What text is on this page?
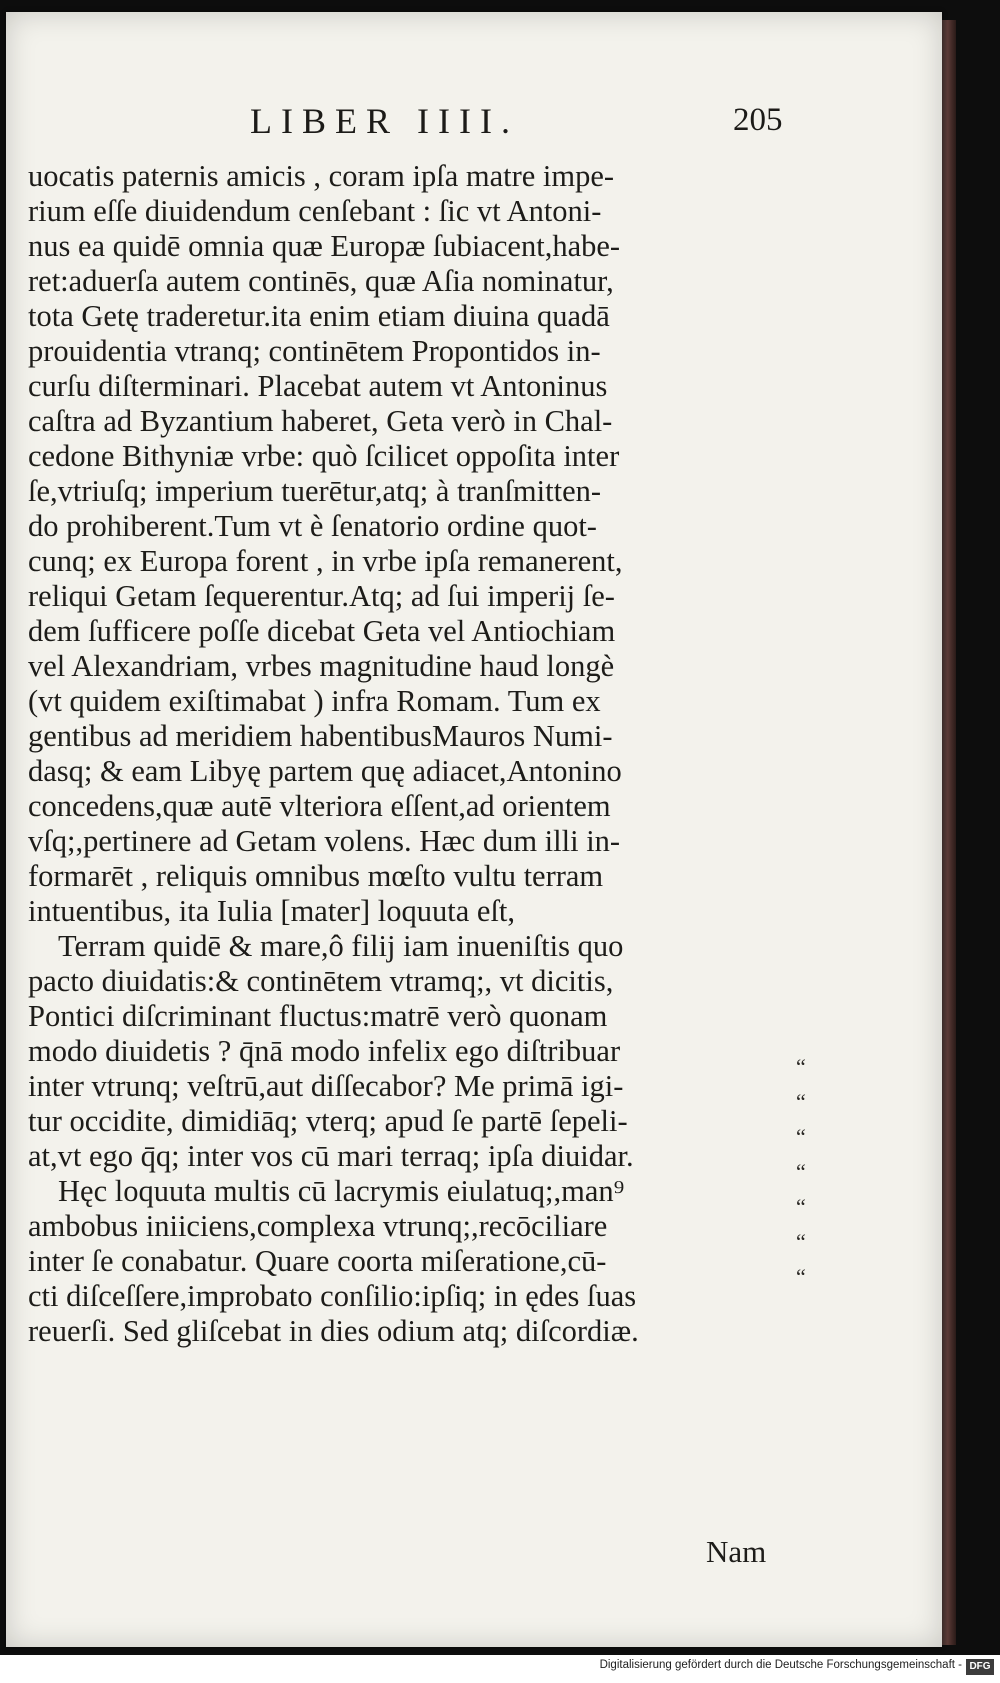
LIBER IIII.	205
uocatis paternis amicis , coram ipſa matre impe-
rium eſſe diuidendum cenſebant : ſic vt Antoni-
nus ea quidē omnia quæ Europæ ſubiacent,habe-
ret:aduerſa autem continēs, quæ Aſia nominatur,
tota Getę traderetur.ita enim etiam diuina quadā
prouidentia vtranq; continētem Propontidos in-
curſu diſterminari. Placebat autem vt Antoninus
caſtra ad Byzantium haberet, Geta verò in Chal-
cedone Bithyniæ vrbe: quò ſcilicet oppoſita inter
ſe,vtriuſq; imperium tuerētur,atq; à tranſmitten-
do prohiberent.Tum vt è ſenatorio ordine quot-
cunq; ex Europa forent , in vrbe ipſa remanerent,
reliqui Getam ſequerentur.Atq; ad ſui imperij ſe-
dem ſufficere poſſe dicebat Geta vel Antiochiam
vel Alexandriam, vrbes magnitudine haud longè
(vt quidem exiſtimabat ) infra Romam. Tum ex
gentibus ad meridiem habentibusMauros Numi-
dasq; & eam Libyę partem quę adiacet,Antonino
concedens,quæ autē vlteriora eſſent,ad orientem
vſq;,pertinere ad Getam volens. Hæc dum illi in-
formarēt , reliquis omnibus mœſto vultu terram
intuentibus, ita Iulia [mater] loquuta eſt,
Terram quidē & mare,ô filij iam inueniſtis quo
pacto diuidatis:& continētem vtramq;, vt dicitis,
Pontici diſcriminant fluctus:matrē verò quonam
modo diuidetis ? q̄nā modo infelix ego diſtribuar
inter vtrunq; veſtrū,aut diſſecabor? Me primā igi-
tur occidite, dimidiāq; vterq; apud ſe partē ſepeli-
at,vt ego q̄q; inter vos cū mari terraq; ipſa diuidar.
Hęc loquuta multis cū lacrymis eiulatuq;,man⁹
ambobus iniiciens,complexa vtrunq;,recōciliare
inter ſe conabatur. Quare coorta miſeratione,cū-
cti diſceſſere,improbato conſilio:ipſiq; in ędes ſuas
reuerſi. Sed gliſcebat in dies odium atq; diſcordiæ.
“
“
“
“
“
“
“
Nam
Digitalisierung gefördert durch die Deutsche Forschungsgemeinschaft - DFG
